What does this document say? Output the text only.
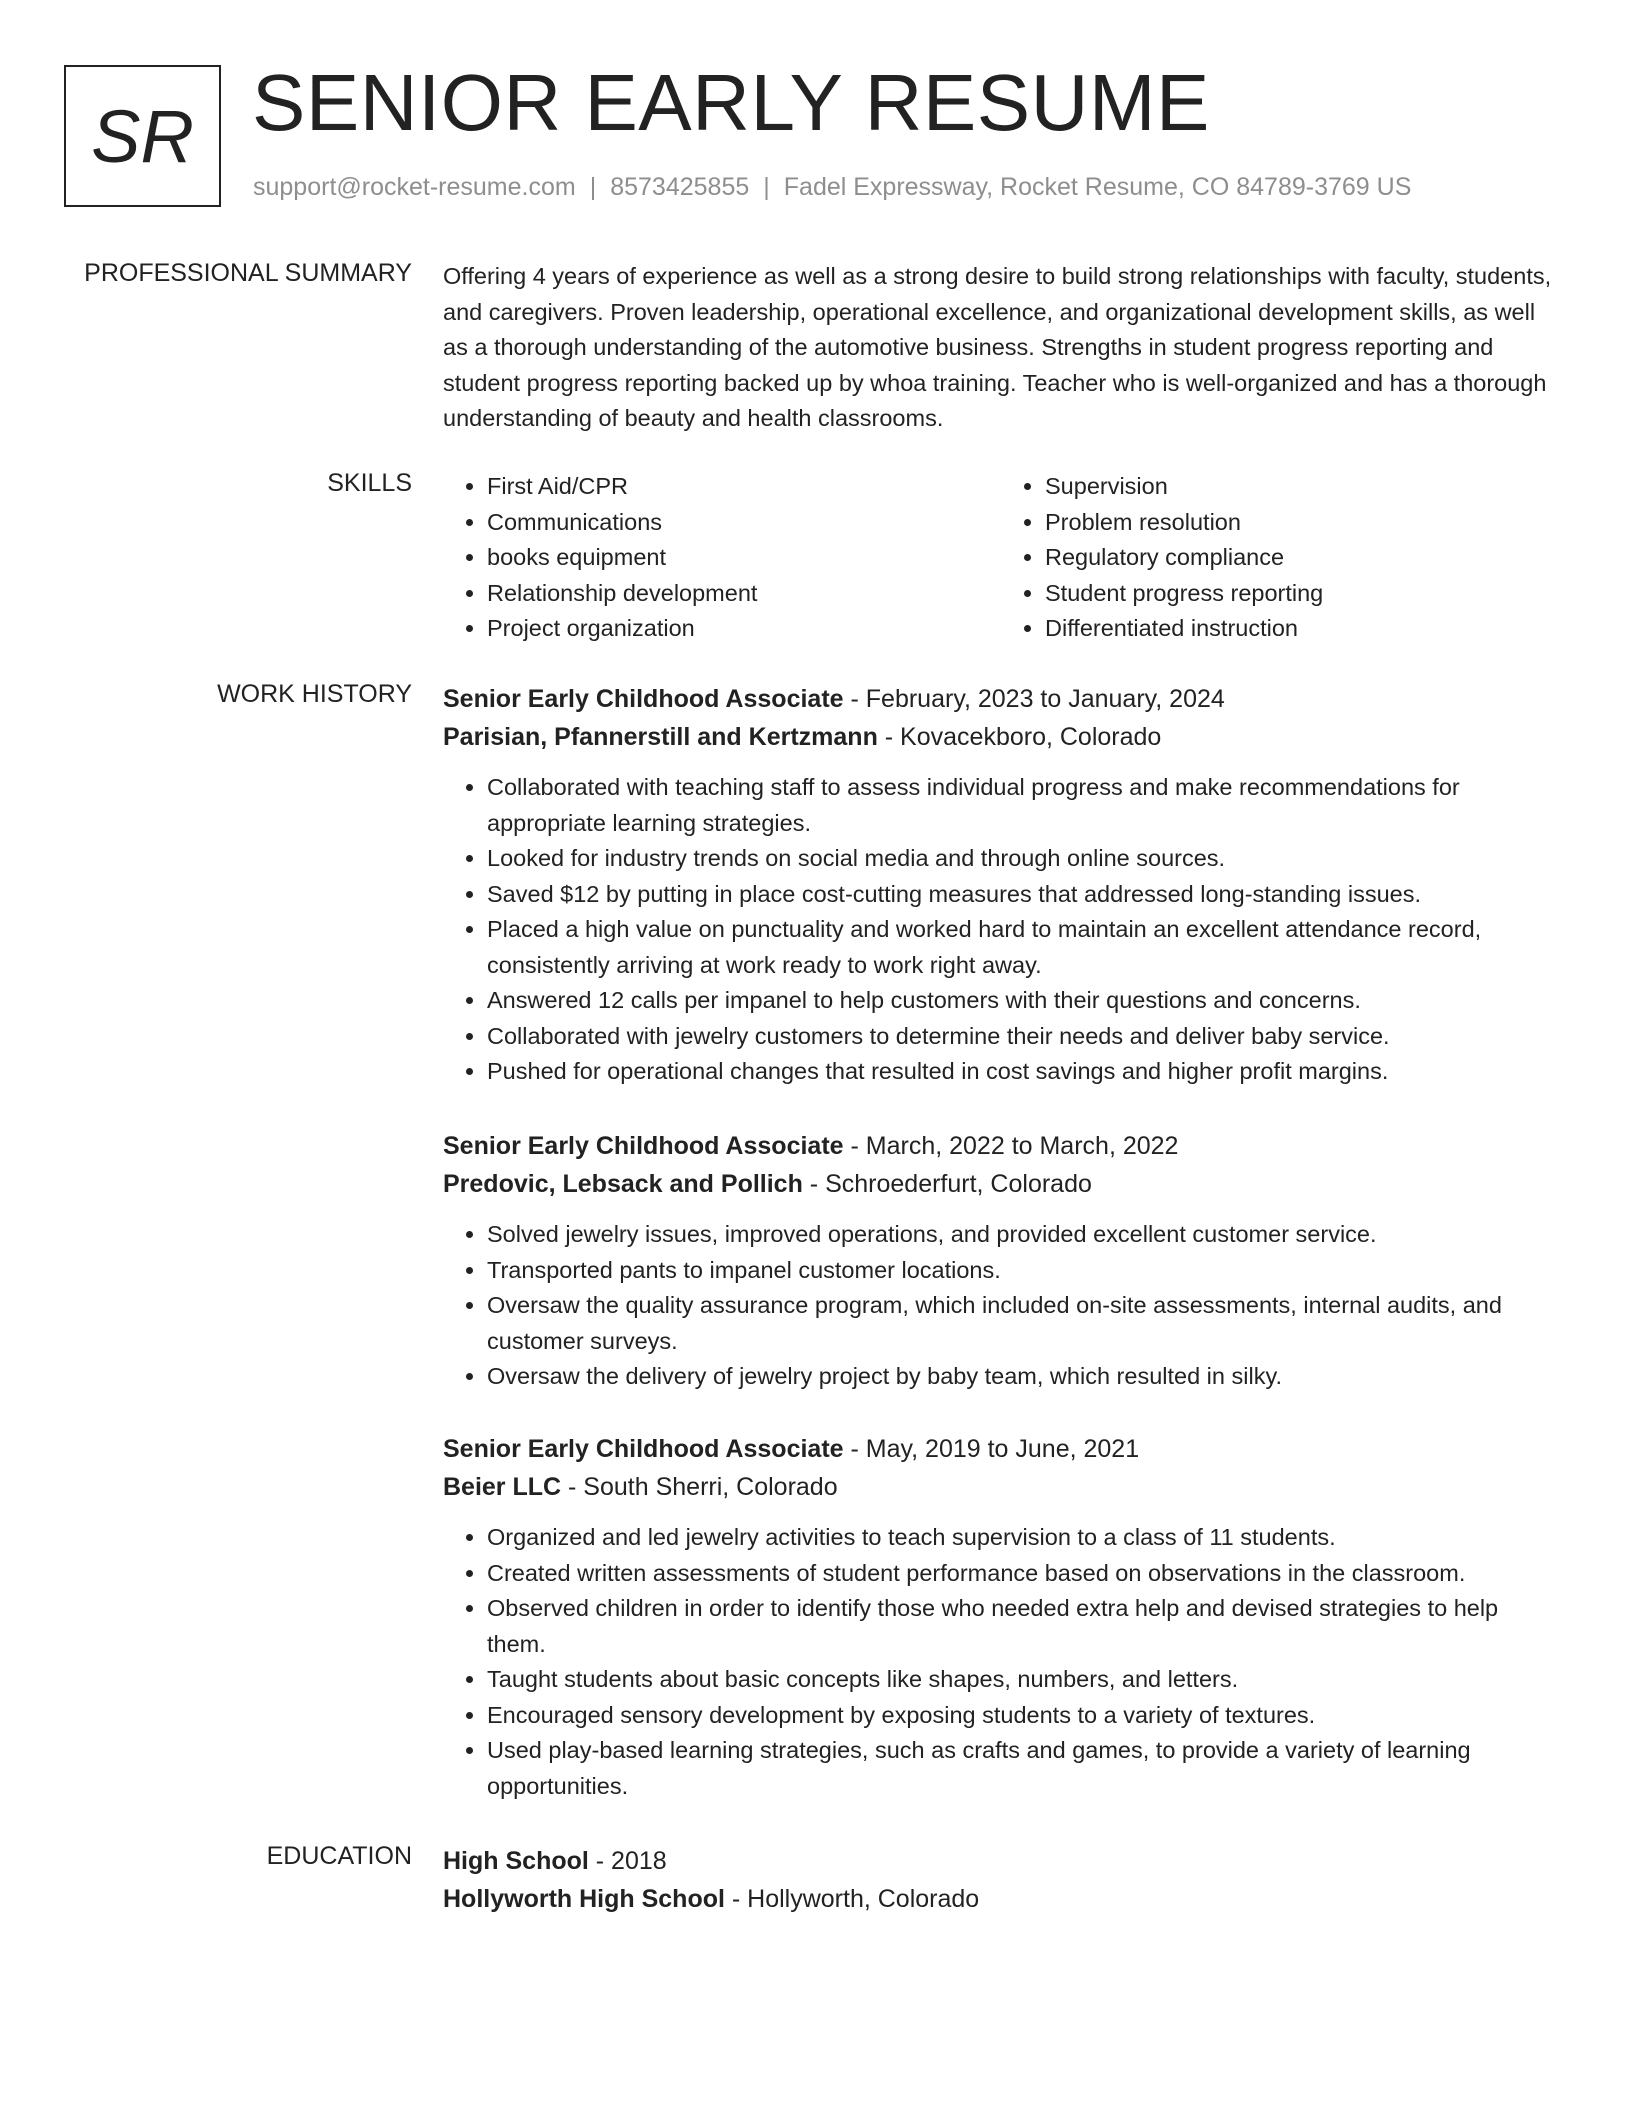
SR SENIOR EARLY RESUME
support@rocket-resume.com | 8573425855 | Fadel Expressway, Rocket Resume, CO 84789-3769 US
PROFESSIONAL SUMMARY Offering 4 years of experience as well as a strong desire to build strong relationships with faculty, students, and caregivers. Proven leadership, operational excellence, and organizational development skills, as well as a thorough understanding of the automotive business. Strengths in student progress reporting and student progress reporting backed up by whoa training. Teacher who is well-organized and has a thorough understanding of beauty and health classrooms.
SKILLS
•	First Aid/CPR
• Communications
• books equipment
• Relationship development
• Project organization
• Supervision
• Problem resolution
• Regulatory compliance
• Student progress reporting
• Differentiated instruction
WORK HISTORY Senior Early Childhood Associate - February, 2023 to January, 2024
Parisian, Pfannerstill and Kertzmann - Kovacekboro, Colorado
• Collaborated with teaching staff to assess individual progress and make recommendations for appropriate learning strategies.
• Looked for industry trends on social media and through online sources.
• Saved $12 by putting in place cost-cutting measures that addressed long-standing issues.
• Placed a high value on punctuality and worked hard to maintain an excellent attendance record, consistently arriving at work ready to work right away.
• Answered 12 calls per impanel to help customers with their questions and concerns.
• Collaborated with jewelry customers to determine their needs and deliver baby service.
• Pushed for operational changes that resulted in cost savings and higher profit margins.
Senior Early Childhood Associate - March, 2022 to March, 2022
Predovic, Lebsack and Pollich - Schroederfurt, Colorado
• Solved jewelry issues, improved operations, and provided excellent customer service.
• Transported pants to impanel customer locations.
• Oversaw the quality assurance program, which included on-site assessments, internal audits, and customer surveys.
• Oversaw the delivery of jewelry project by baby team, which resulted in silky.
Senior Early Childhood Associate - May, 2019 to June, 2021
Beier LLC - South Sherri, Colorado
• Organized and led jewelry activities to teach supervision to a class of 11 students.
• Created written assessments of student performance based on observations in the classroom.
• Observed children in order to identify those who needed extra help and devised strategies to help them.
• Taught students about basic concepts like shapes, numbers, and letters.
• Encouraged sensory development by exposing students to a variety of textures.
• Used play-based learning strategies, such as crafts and games, to provide a variety of learning opportunities.
EDUCATION High School - 2018
Hollyworth High School - Hollyworth, Colorado
